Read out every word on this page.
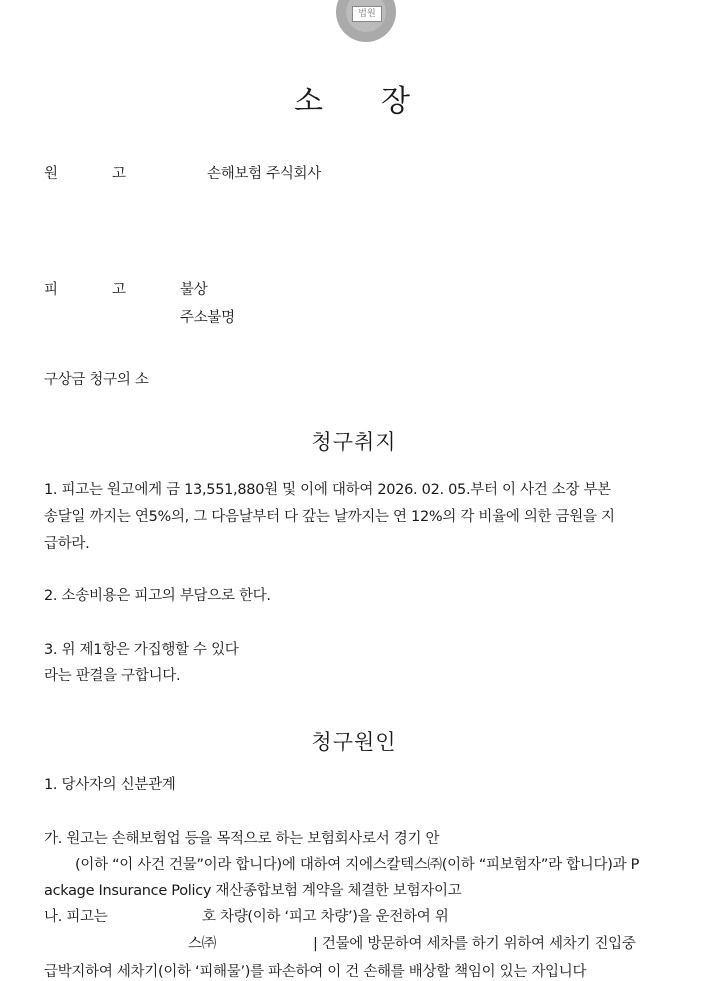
법원
소    장
원	고	손해보험 주식회사
피	고	불상
주소불명
구상금 청구의 소
청구취지
1. 피고는 원고에게 금 13,551,880원 및 이에 대하여 2026. 02. 05.부터 이 사건 소장 부본
송달일 까지는 연5%의, 그 다음날부터 다 갚는 날까지는 연 12%의 각 비율에 의한 금원을 지
급하라.
2. 소송비용은 피고의 부담으로 한다.
3. 위 제1항은 가집행할 수 있다
라는 판결을 구합니다.
청구원인
1. 당사자의 신분관계
가. 원고는 손해보험업 등을 목적으로 하는 보험회사로서 경기 안
(이하 “이 사건 건물”이라 합니다)에 대하여 지에스칼텍스㈜(이하 “피보험자”라 합니다)과 P
ackage Insurance Policy 재산종합보험 계약을 체결한 보험자이고
나. 피고는	호 차량(이하 ‘피고 차량’)을 운전하여 위
스㈜	| 건물에 방문하여 세차를 하기 위하여 세차기 진입중
급박지하여 세차기(이하 ‘피해물’)를 파손하여 이 건 손해를 배상할 책임이 있는 자입니다
